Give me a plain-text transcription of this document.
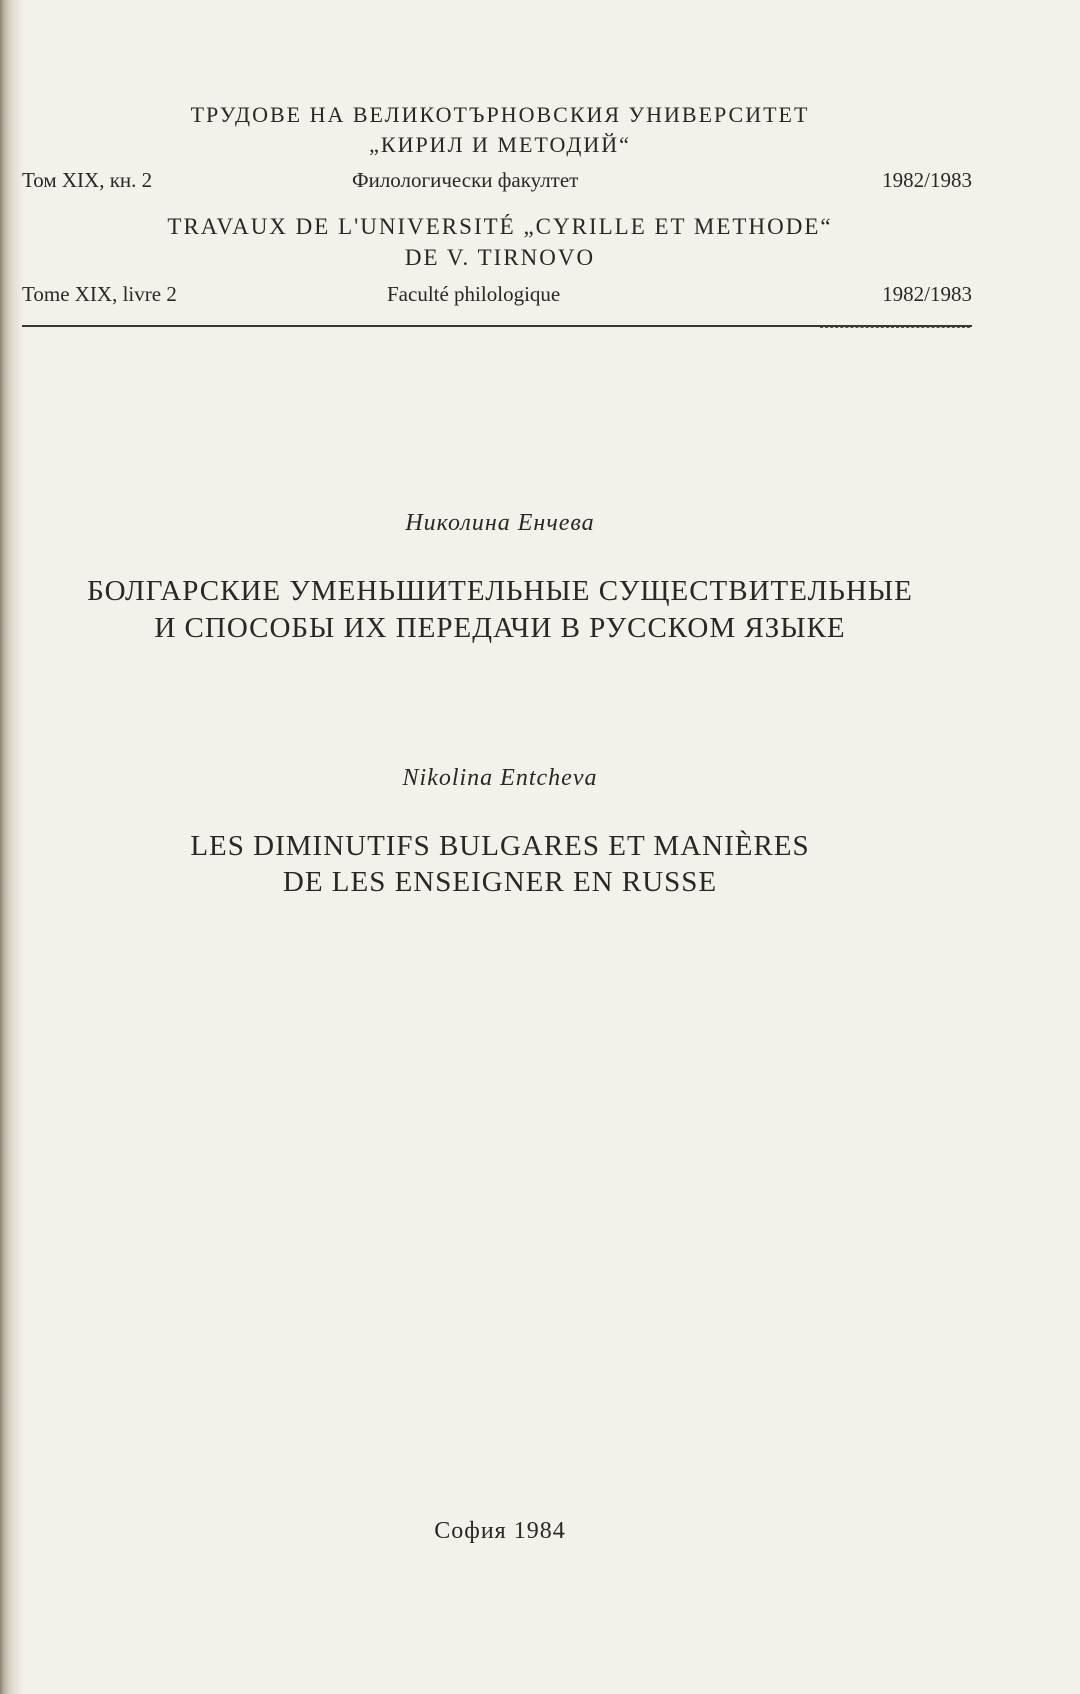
ТРУДОВЕ НА ВЕЛИКОТЪРНОВСКИЯ УНИВЕРСИТЕТ
„КИРИЛ И МЕТОДИЙ“
Том XIX, кн. 2	Филологически факултет	1982/1983
TRAVAUX DE L'UNIVERSITÉ „CYRILLE ET METHODE“
DE V. TIRNOVO
Tome XIX, livre 2	Faculté philologique	1982/1983
Николина Енчева
БОЛГАРСКИЕ УМЕНЬШИТЕЛЬНЫЕ СУЩЕСТВИТЕЛЬНЫЕ
И СПОСОБЫ ИХ ПЕРЕДАЧИ В РУССКОМ ЯЗЫКЕ
Nikolina Entcheva
LES DIMINUTIFS BULGARES ET MANIÈRES
DE LES ENSEIGNER EN RUSSE
София 1984
